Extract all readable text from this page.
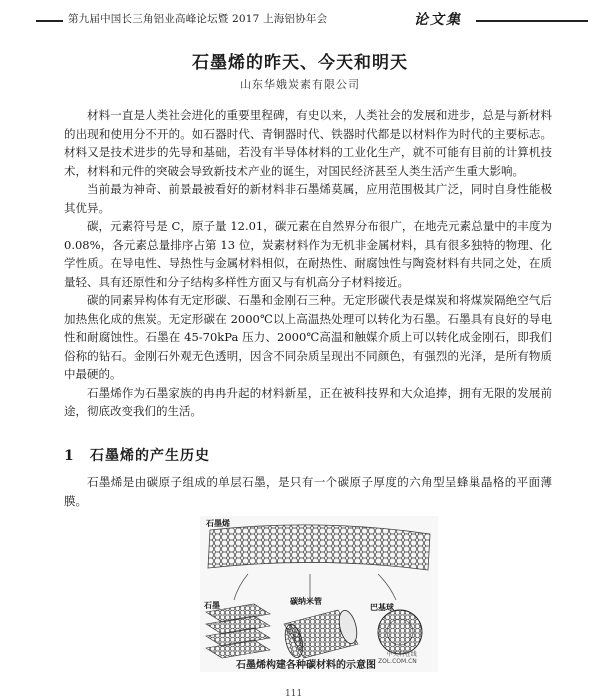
第九届中国长三角铝业高峰论坛暨 2017 上海铝协年会	论文集
石墨烯的昨天、今天和明天
山东华娥炭素有限公司

材料一直是人类社会进化的重要里程碑，有史以来，人类社会的发展和进步，总是与新材料的出现和使用分不开的。如石器时代、青铜器时代、铁器时代都是以材料作为时代的主要标志。材料又是技术进步的先导和基础，若没有半导体材料的工业化生产，就不可能有目前的计算机技术，材料和元件的突破会导致新技术产业的诞生，对国民经济甚至人类生活产生重大影响。

当前最为神奇、前景最被看好的新材料非石墨烯莫属，应用范围极其广泛，同时自身性能极其优异。

碳，元素符号是 C，原子量 12.01，碳元素在自然界分布很广，在地壳元素总量中的丰度为 0.08%，各元素总量排序占第 13 位，炭素材料作为无机非金属材料，具有很多独特的物理、化学性质。在导电性、导热性与金属材料相似，在耐热性、耐腐蚀性与陶瓷材料有共同之处，在质量轻、具有还原性和分子结构多样性方面又与有机高分子材料接近。

碳的同素异构体有无定形碳、石墨和金刚石三种。无定形碳代表是煤炭和将煤炭隔绝空气后加热焦化成的焦炭。无定形碳在 2000℃以上高温热处理可以转化为石墨。石墨具有良好的导电性和耐腐蚀性。石墨在 45-70kPa 压力、2000℃高温和触媒介质上可以转化成金刚石，即我们俗称的钻石。金刚石外观无色透明，因含不同杂质呈现出不同颜色，有强烈的光泽，是所有物质中最硬的。

石墨烯作为石墨家族的冉冉升起的材料新星，正在被科技界和大众追捧，拥有无限的发展前途，彻底改变我们的生活。

1 石墨烯的产生历史

石墨烯是由碳原子组成的单层石墨，是只有一个碳原子厚度的六角型呈蜂巢晶格的平面薄膜。

石墨烯
石墨	碳纳米管
巴基球
石墨烯构建各种碳材料的示意图
中关村在线
ZOL.COM.CN
111
